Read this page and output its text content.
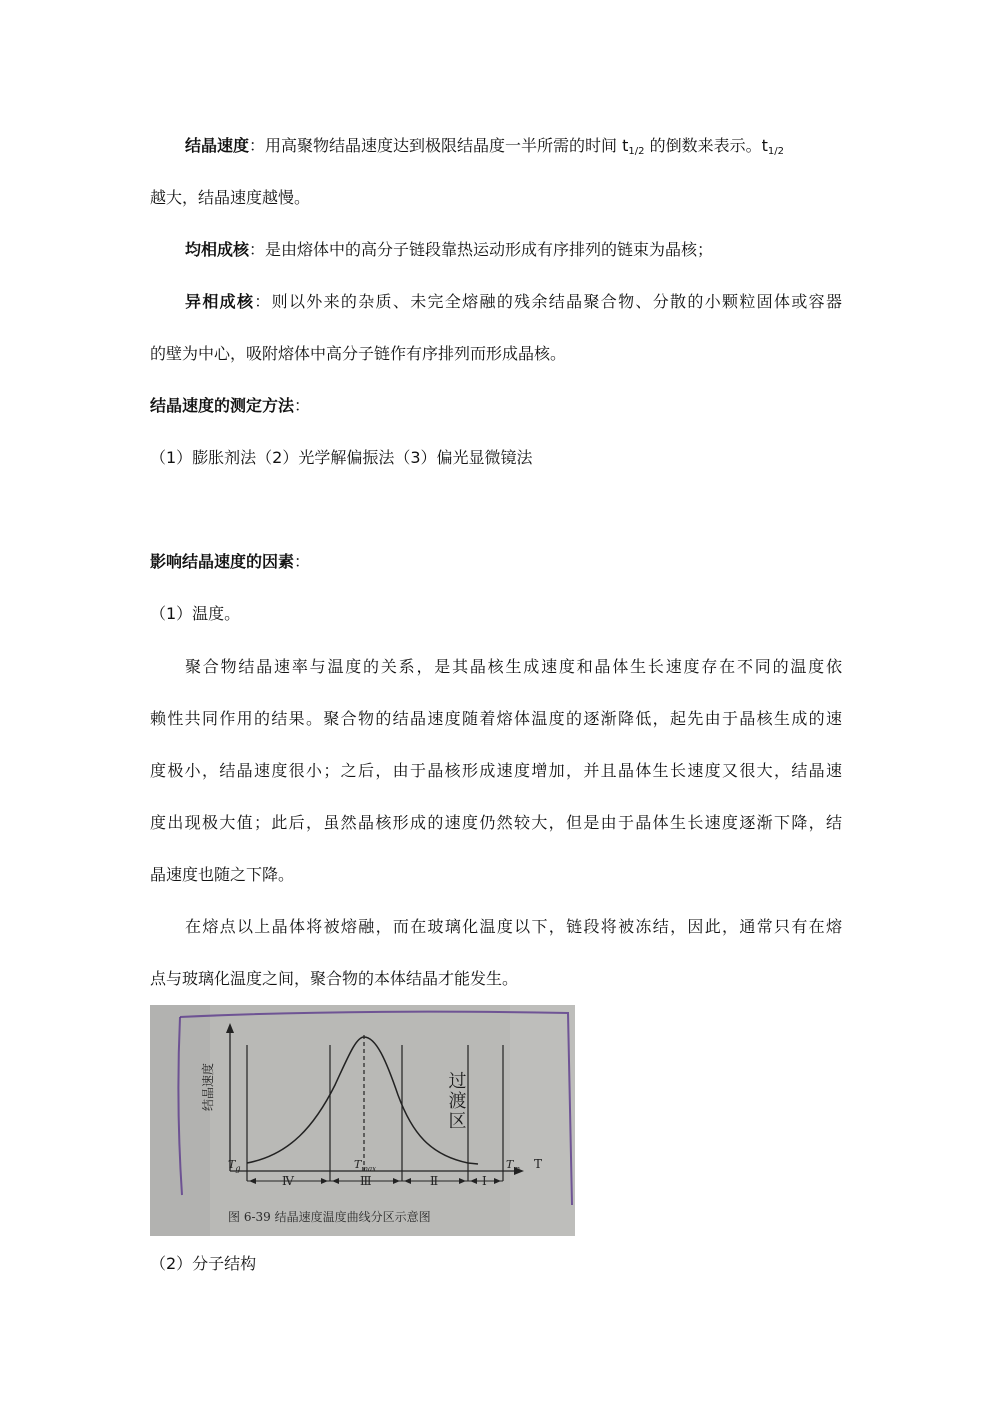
结晶速度：用高聚物结晶速度达到极限结晶度一半所需的时间 $t_{1/2}$ 的倒数来表示。$t_{1/2}$
越大，结晶速度越慢。
均相成核：是由熔体中的高分子链段靠热运动形成有序排列的链束为晶核；
异相成核：则以外来的杂质、未完全熔融的残余结晶聚合物、分散的小颗粒固体或容器
的壁为中心，吸附熔体中高分子链作有序排列而形成晶核。
结晶速度的测定方法：
（1）膨胀剂法（2）光学解偏振法（3）偏光显微镜法
影响结晶速度的因素：
（1）温度。
聚合物结晶速率与温度的关系，是其晶核生成速度和晶体生长速度存在不同的温度依
赖性共同作用的结果。聚合物的结晶速度随着熔体温度的逐渐降低，起先由于晶核生成的速
度极小，结晶速度很小；之后，由于晶核形成速度增加，并且晶体生长速度又很大，结晶速
度出现极大值；此后，虽然晶核形成的速度仍然较大，但是由于晶体生长速度逐渐下降，结
晶速度也随之下降。
在熔点以上晶体将被熔融，而在玻璃化温度以下，链段将被冻结，因此，通常只有在熔
点与玻璃化温度之间，聚合物的本体结晶才能发生。
结晶速度
$T_g$	$T_{max}$	$T_m$ T
Ⅳ	Ⅲ	Ⅱ	Ⅰ
过渡区
图 6-39 结晶速度温度曲线分区示意图
（2）分子结构
